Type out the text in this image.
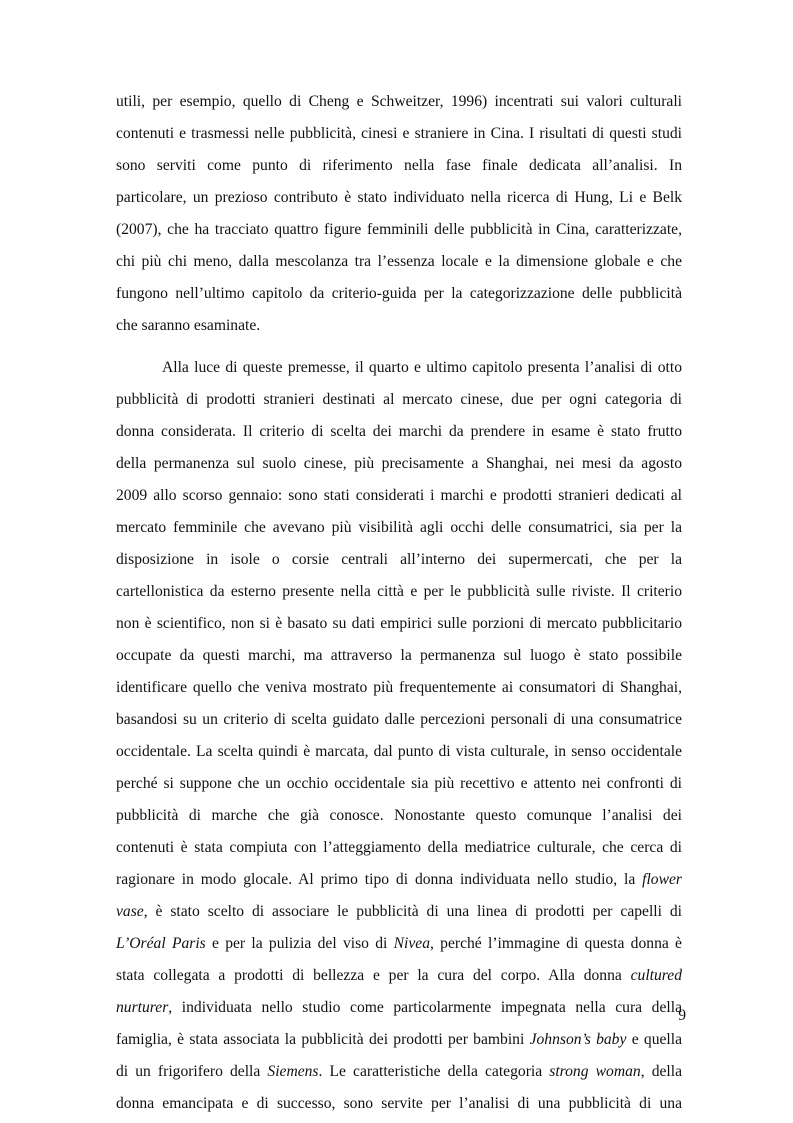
utili, per esempio, quello di Cheng e Schweitzer, 1996) incentrati sui valori culturali
contenuti e trasmessi nelle pubblicità, cinesi e straniere in Cina. I risultati di questi studi
sono serviti come punto di riferimento nella fase finale dedicata all’analisi. In
particolare, un prezioso contributo è stato individuato nella ricerca di Hung, Li e Belk
(2007), che ha tracciato quattro figure femminili delle pubblicità in Cina, caratterizzate,
chi più chi meno, dalla mescolanza tra l’essenza locale e la dimensione globale e che
fungono nell’ultimo capitolo da criterio-guida per la categorizzazione delle pubblicità
che saranno esaminate.
Alla luce di queste premesse, il quarto e ultimo capitolo presenta l’analisi di otto
pubblicità di prodotti stranieri destinati al mercato cinese, due per ogni categoria di
donna considerata. Il criterio di scelta dei marchi da prendere in esame è stato frutto
della permanenza sul suolo cinese, più precisamente a Shanghai, nei mesi da agosto
2009 allo scorso gennaio: sono stati considerati i marchi e prodotti stranieri dedicati al
mercato femminile che avevano più visibilità agli occhi delle consumatrici, sia per la
disposizione in isole o corsie centrali all’interno dei supermercati, che per la
cartellonistica da esterno presente nella città e per le pubblicità sulle riviste. Il criterio
non è scientifico, non si è basato su dati empirici sulle porzioni di mercato pubblicitario
occupate da questi marchi, ma attraverso la permanenza sul luogo è stato possibile
identificare quello che veniva mostrato più frequentemente ai consumatori di Shanghai,
basandosi su un criterio di scelta guidato dalle percezioni personali di una consumatrice
occidentale. La scelta quindi è marcata, dal punto di vista culturale, in senso occidentale
perché si suppone che un occhio occidentale sia più recettivo e attento nei confronti di
pubblicità di marche che già conosce. Nonostante questo comunque l’analisi dei
contenuti è stata compiuta con l’atteggiamento della mediatrice culturale, che cerca di
ragionare in modo glocale. Al primo tipo di donna individuata nello studio, la flower
vase, è stato scelto di associare le pubblicità di una linea di prodotti per capelli di
L’Oréal Paris e per la pulizia del viso di Nivea, perché l’immagine di questa donna è
stata collegata a prodotti di bellezza e per la cura del corpo. Alla donna cultured
nurturer, individuata nello studio come particolarmente impegnata nella cura della
famiglia, è stata associata la pubblicità dei prodotti per bambini Johnson’s baby e quella
di un frigorifero della Siemens. Le caratteristiche della categoria strong woman, della
donna emancipata e di successo, sono servite per l’analisi di una pubblicità di una
9
